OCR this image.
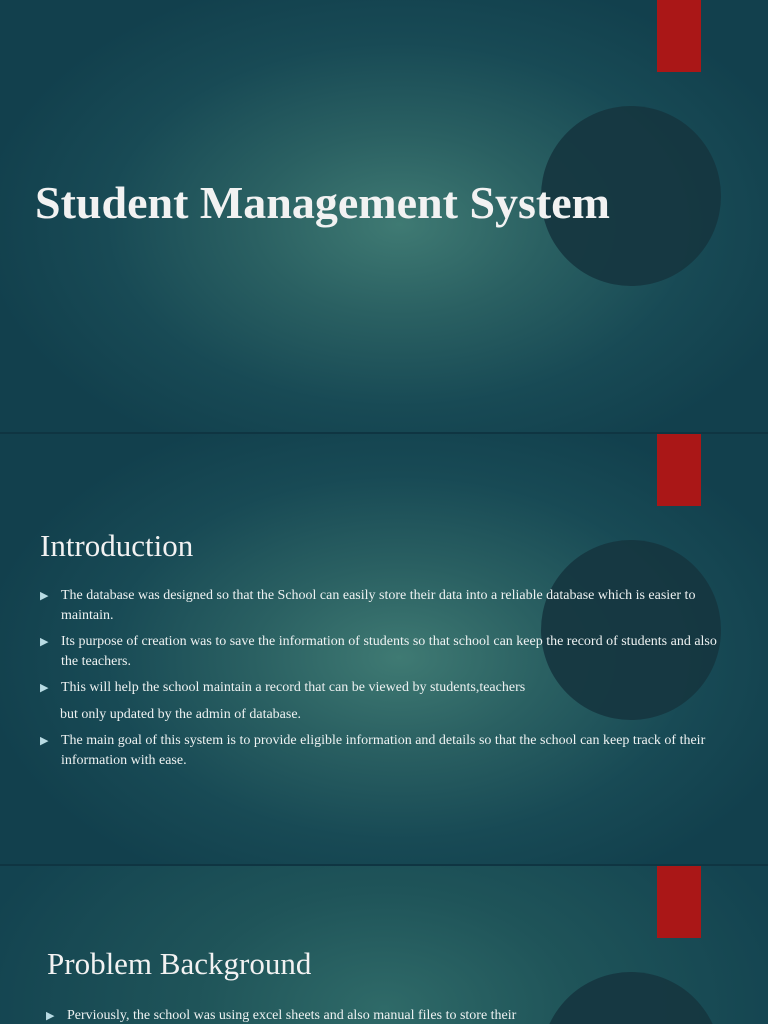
Student Management System
Introduction
▶ The database was designed so that the School can easily store their data into a reliable database which is easier to maintain.
▶ Its purpose of creation was to save the information of students so that school can keep the record of students and also the teachers.
▶ This will help the school maintain a record that can be viewed by students,teachers
but only updated by the admin of database.
▶ The main goal of this system is to provide eligible information and details so that the school can keep track of their information with ease.
Problem Background
▶ Perviously, the school was using excel sheets and also manual files to store their
